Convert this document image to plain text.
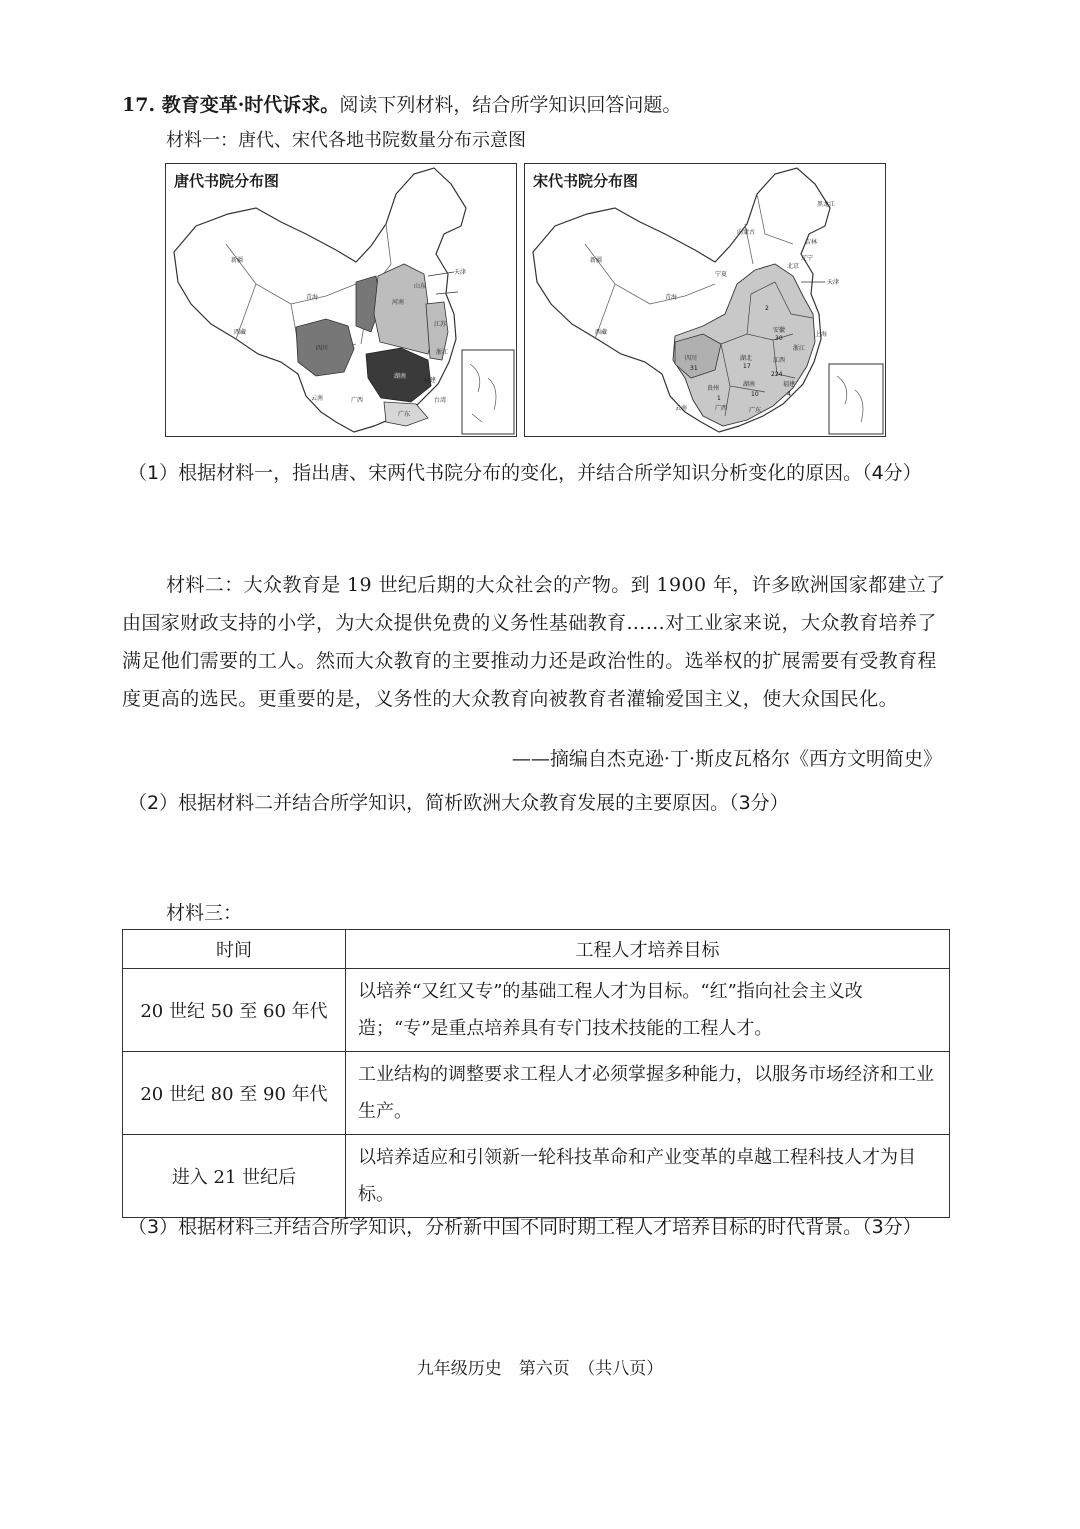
17. 教育变革·时代诉求。阅读下列材料，结合所学知识回答问题。
材料一：唐代、宋代各地书院数量分布示意图
唐代书院分布图
新疆
西藏
青海
四川
云南	广西
湖南
广东
河南
山东
江苏
浙江
福建
天津
台湾
宋代书院分布图
新疆
西藏
青海
宁夏
内蒙古
黑龙江
吉林
辽宁
北京
四川	湖北
湖南
江西
安徽
浙江
福建
广东
广西
云南
贵州
上海
天津
31
224
30
17
10
1
4
2
（1）根据材料一，指出唐、宋两代书院分布的变化，并结合所学知识分析变化的原因。（4分）
材料二：大众教育是 19 世纪后期的大众社会的产物。到 1900 年，许多欧洲国家都建立了由国家财政支持的小学，为大众提供免费的义务性基础教育……对工业家来说，大众教育培养了满足他们需要的工人。然而大众教育的主要推动力还是政治性的。选举权的扩展需要有受教育程度更高的选民。更重要的是，义务性的大众教育向被教育者灌输爱国主义，使大众国民化。
——摘编自杰克逊·丁·斯皮瓦格尔《西方文明简史》
（2）根据材料二并结合所学知识，简析欧洲大众教育发展的主要原因。（3分）
材料三：
时间	工程人才培养目标
20 世纪 50 至 60 年代	以培养“又红又专”的基础工程人才为目标。“红”指向社会主义改造；“专”是重点培养具有专门技术技能的工程人才。
20 世纪 80 至 90 年代	工业结构的调整要求工程人才必须掌握多种能力，以服务市场经济和工业生产。
进入 21 世纪后	以培养适应和引领新一轮科技革命和产业变革的卓越工程科技人才为目标。
（3）根据材料三并结合所学知识，分析新中国不同时期工程人才培养目标的时代背景。（3分）
九年级历史　第六页　（共八页）
